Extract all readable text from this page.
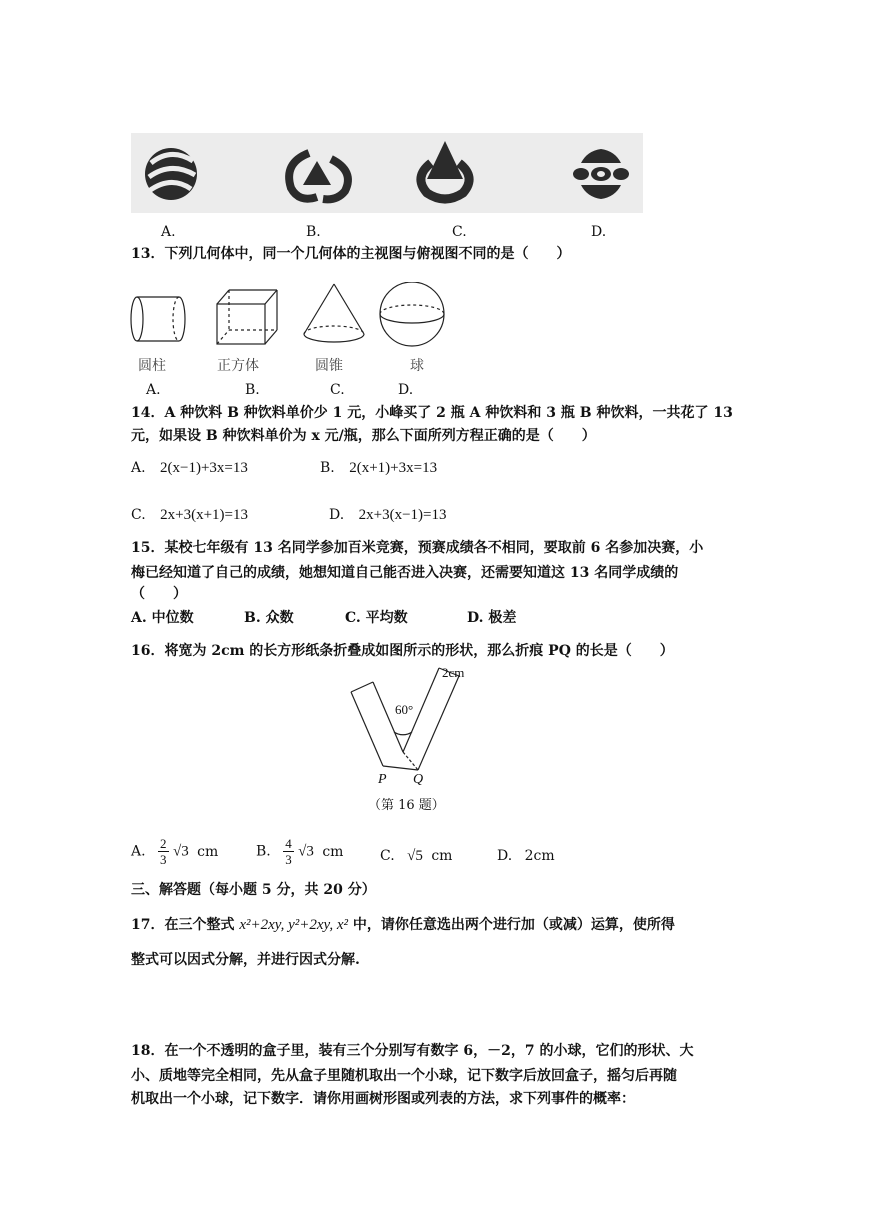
A.	B.	C.	D.
13．下列几何体中，同一个几何体的主视图与俯视图不同的是（　　）
圆柱	正方体	圆锥	球
A.	B.	C.	D.
14．A 种饮料 B 种饮料单价少 1 元，小峰买了 2 瓶 A 种饮料和 3 瓶 B 种饮料，一共花了 13
元，如果设 B 种饮料单价为 x 元/瓶，那么下面所列方程正确的是（　　）
A. 2(x−1)+3x=13	B. 2(x+1)+3x=13
C. 2x+3(x+1)=13	D. 2x+3(x−1)=13
15．某校七年级有 13 名同学参加百米竞赛，预赛成绩各不相同，要取前 6 名参加决赛，小
梅已经知道了自己的成绩，她想知道自己能否进入决赛，还需要知道这 13 名同学成绩的
（　　）
A. 中位数	B. 众数	C. 平均数	D. 极差
16．将宽为 2cm 的长方形纸条折叠成如图所示的形状，那么折痕 PQ 的长是（　　）
2cm
60°
P Q
（第 16 题）
A. $\frac{2}{3} √3$ cm	B. $\frac{4}{3} √3$ cm	C. √5 cm	D. 2cm
三、解答题（每小题 5 分，共 20 分）
17．在三个整式 x²+2xy, y²+2xy, x² 中，请你任意选出两个进行加（或减）运算，使所得
整式可以因式分解，并进行因式分解.
18．在一个不透明的盒子里，装有三个分别写有数字 6，－2，7 的小球，它们的形状、大
小、质地等完全相同，先从盒子里随机取出一个小球，记下数字后放回盒子，摇匀后再随
机取出一个小球，记下数字．请你用画树形图或列表的方法，求下列事件的概率：
